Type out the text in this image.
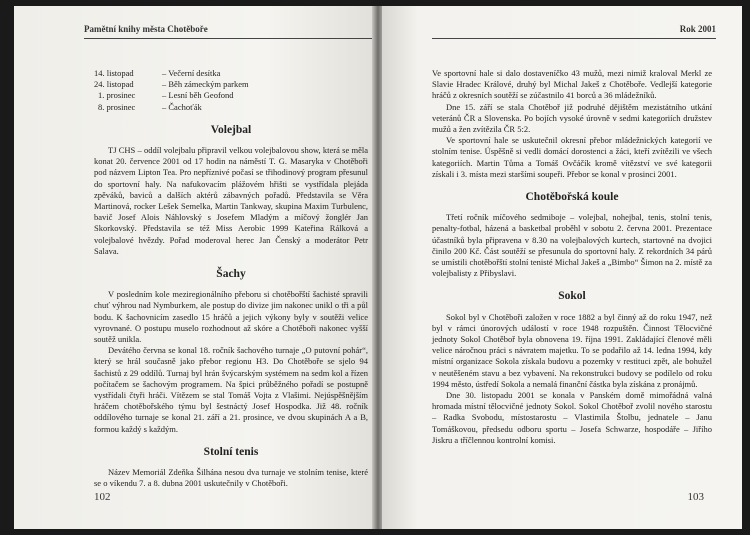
Pamětní knihy města Chotěboře
14. listopad	– Večerní desítka
24. listopad	– Běh zámeckým parkem
1. prosinec	– Lesní běh Geofond
8. prosinec	– Čachoťák
Volejbal

TJ CHS – oddíl volejbalu připravil velkou volejbalovou show, která se měla konat 20. července 2001 od 17 hodin na náměstí T. G. Masaryka v Chotěboři pod názvem Lipton Tea. Pro nepříznivé počasí se třihodinový program přesunul do sportovní haly. Na nafukovacím plážovém hřišti se vystřídala plejáda zpěváků, baviců a dalších aktérů zábavných pořadů. Představila se Věra Martinová, rocker Lešek Semelka, Martin Tankway, skupina Maxim Turbulenc, bavič Josef Alois Náhlovský s Josefem Mladým a míčový žonglér Jan Skorkovský. Představila se též Miss Aerobic 1999 Kateřina Rálková a volejbalové hvězdy. Pořad moderoval herec Jan Čenský a moderátor Petr Salava.

Šachy

V posledním kole meziregionálního přeboru si chotěbořští šachisté spravili chuť výhrou nad Nymburkem, ale postup do divize jim nakonec unikl o tři a půl bodu. K šachovnicím zasedlo 15 hráčů a jejich výkony byly v soutěži velice vyrovnané. O postupu muselo rozhodnout až skóre a Chotěboři nakonec vyšší soutěž unikla.

Devátého června se konal 18. ročník šachového turnaje „O putovní pohár“, který se hrál současně jako přebor regionu H3. Do Chotěboře se sjelo 94 šachistů z 29 oddílů. Turnaj byl hrán švýcarským systémem na sedm kol a řízen počítačem se šachovým programem. Na špici průběžného pořadí se postupně vystřídali čtyři hráči. Vítězem se stal Tomáš Vojta z Vlašimi. Nejúspěšnějším hráčem chotěbořského týmu byl šestnáctý Josef Hospodka. Již 48. ročník oddílového turnaje se konal 21. září a 21. prosince, ve dvou skupinách A a B, formou každý s každým.

Stolní tenis

Název Memoriál Zdeňka Šilhána nesou dva turnaje ve stolním tenise, které se o víkendu 7. a 8. dubna 2001 uskutečnily v Chotěboři.

102
Rok 2001

Ve sportovní hale si dalo dostaveníčko 43 mužů, mezi nimiž kraloval Merkl ze Slavie Hradec Králové, druhý byl Michal Jakeš z Chotěboře. Vedlejší kategorie hráčů z okresních soutěží se zúčastnilo 41 borců a 36 mládežníků.

Dne 15. září se stala Chotěboř již podruhé dějištěm mezistátního utkání veteránů ČR a Slovenska. Po bojích vysoké úrovně v sedmi kategoriích družstev mužů a žen zvítězila ČR 5:2.

Ve sportovní hale se uskutečnil okresní přebor mládežnických kategorií ve stolním tenise. Úspěšně si vedli domácí dorostenci a žáci, kteří zvítězili ve všech kategoriích. Martin Tůma a Tomáš Ovčáčík kromě vítězství ve své kategorii získali i 3. místa mezi staršími soupeři. Přebor se konal v prosinci 2001.

Chotěbořská koule

Třetí ročník míčového sedmiboje – volejbal, nohejbal, tenis, stolní tenis, penalty-fotbal, házená a basketbal proběhl v sobotu 2. června 2001. Prezentace účastníků byla připravena v 8.30 na volejbalových kurtech, startovné na dvojici činilo 200 Kč. Část soutěží se přesunula do sportovní haly. Z rekordních 34 párů se umístili chotěbořští stolní tenisté Michal Jakeš a „Bimbo“ Šimon na 2. místě za volejbalisty z Přibyslavi.

Sokol

Sokol byl v Chotěboři založen v roce 1882 a byl činný až do roku 1947, než byl v rámci únorových událostí v roce 1948 rozpuštěn. Činnost Tělocvičné jednoty Sokol Chotěboř byla obnovena 19. října 1991. Zakládající členové měli velice náročnou práci s návratem majetku. To se podařilo až 14. ledna 1994, kdy místní organizace Sokola získala budovu a pozemky v restituci zpět, ale bohužel v neutěšeném stavu a bez vybavení. Na rekonstrukci budovy se podílelo od roku 1994 město, ústředí Sokola a nemalá finanční částka byla získána z pronájmů.

Dne 30. listopadu 2001 se konala v Panském domě mimořádná valná hromada místní tělocvičné jednoty Sokol. Sokol Chotěboř zvolil nového starostu – Radka Svobodu, místostarostu – Vlastimila Štolbu, jednatele – Janu Tomáškovou, předsedu odboru sportu – Josefa Schwarze, hospodáře – Jiřího Jiskru a tříčlennou kontrolní komisi.

103
